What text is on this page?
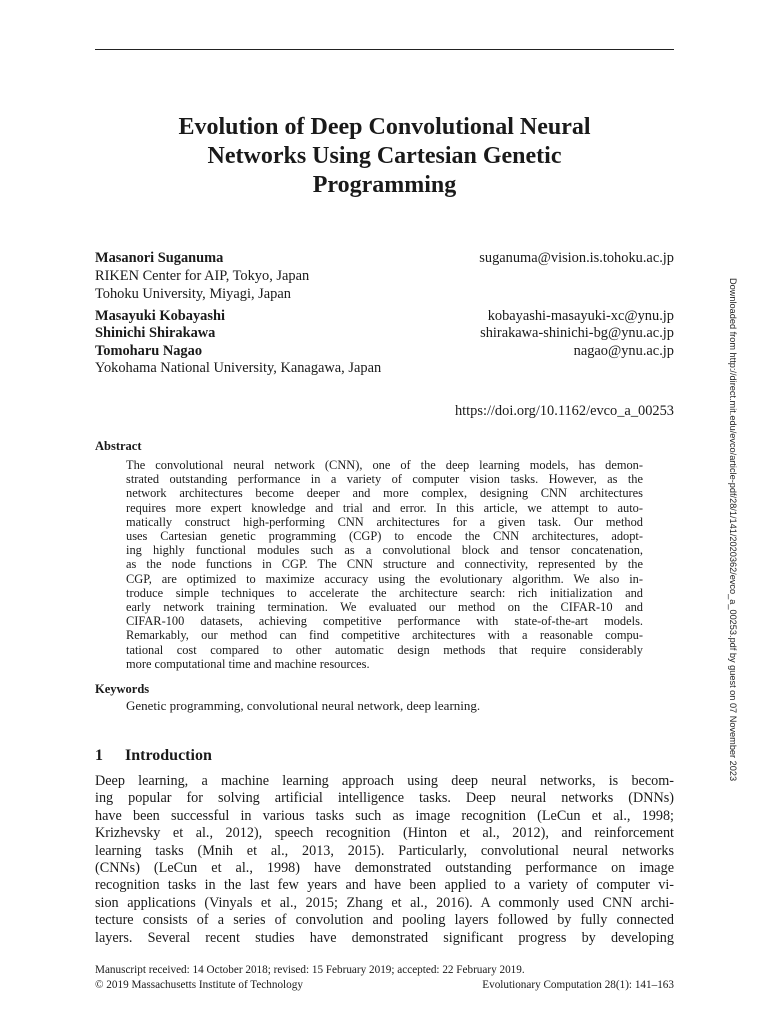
Evolution of Deep Convolutional Neural
Networks Using Cartesian Genetic
Programming
Masanori Suganuma	suganuma@vision.is.tohoku.ac.jp
RIKEN Center for AIP, Tokyo, Japan
Tohoku University, Miyagi, Japan
Masayuki Kobayashi	kobayashi-masayuki-xc@ynu.jp
Shinichi Shirakawa	shirakawa-shinichi-bg@ynu.ac.jp
Tomoharu Nagao	nagao@ynu.ac.jp
Yokohama National University, Kanagawa, Japan
https://doi.org/10.1162/evco_a_00253
Abstract
The convolutional neural network (CNN), one of the deep learning models, has demon-
strated outstanding performance in a variety of computer vision tasks. However, as the
network architectures become deeper and more complex, designing CNN architectures
requires more expert knowledge and trial and error. In this article, we attempt to auto-
matically construct high-performing CNN architectures for a given task. Our method
uses Cartesian genetic programming (CGP) to encode the CNN architectures, adopt-
ing highly functional modules such as a convolutional block and tensor concatenation,
as the node functions in CGP. The CNN structure and connectivity, represented by the
CGP, are optimized to maximize accuracy using the evolutionary algorithm. We also in-
troduce simple techniques to accelerate the architecture search: rich initialization and
early network training termination. We evaluated our method on the CIFAR-10 and
CIFAR-100 datasets, achieving competitive performance with state-of-the-art models.
Remarkably, our method can find competitive architectures with a reasonable compu-
tational cost compared to other automatic design methods that require considerably
more computational time and machine resources.
Keywords
Genetic programming, convolutional neural network, deep learning.
1 Introduction
Deep learning, a machine learning approach using deep neural networks, is becom-
ing popular for solving artificial intelligence tasks. Deep neural networks (DNNs)
have been successful in various tasks such as image recognition (LeCun et al., 1998;
Krizhevsky et al., 2012), speech recognition (Hinton et al., 2012), and reinforcement
learning tasks (Mnih et al., 2013, 2015). Particularly, convolutional neural networks
(CNNs) (LeCun et al., 1998) have demonstrated outstanding performance on image
recognition tasks in the last few years and have been applied to a variety of computer vi-
sion applications (Vinyals et al., 2015; Zhang et al., 2016). A commonly used CNN archi-
tecture consists of a series of convolution and pooling layers followed by fully connected
layers. Several recent studies have demonstrated significant progress by developing
Manuscript received: 14 October 2018; revised: 15 February 2019; accepted: 22 February 2019.
© 2019 Massachusetts Institute of Technology	Evolutionary Computation 28(1): 141–163
Downloaded from http://direct.mit.edu/evco/article-pdf/28/1/141/2020362/evco_a_00253.pdf by guest on 07 November 2023
